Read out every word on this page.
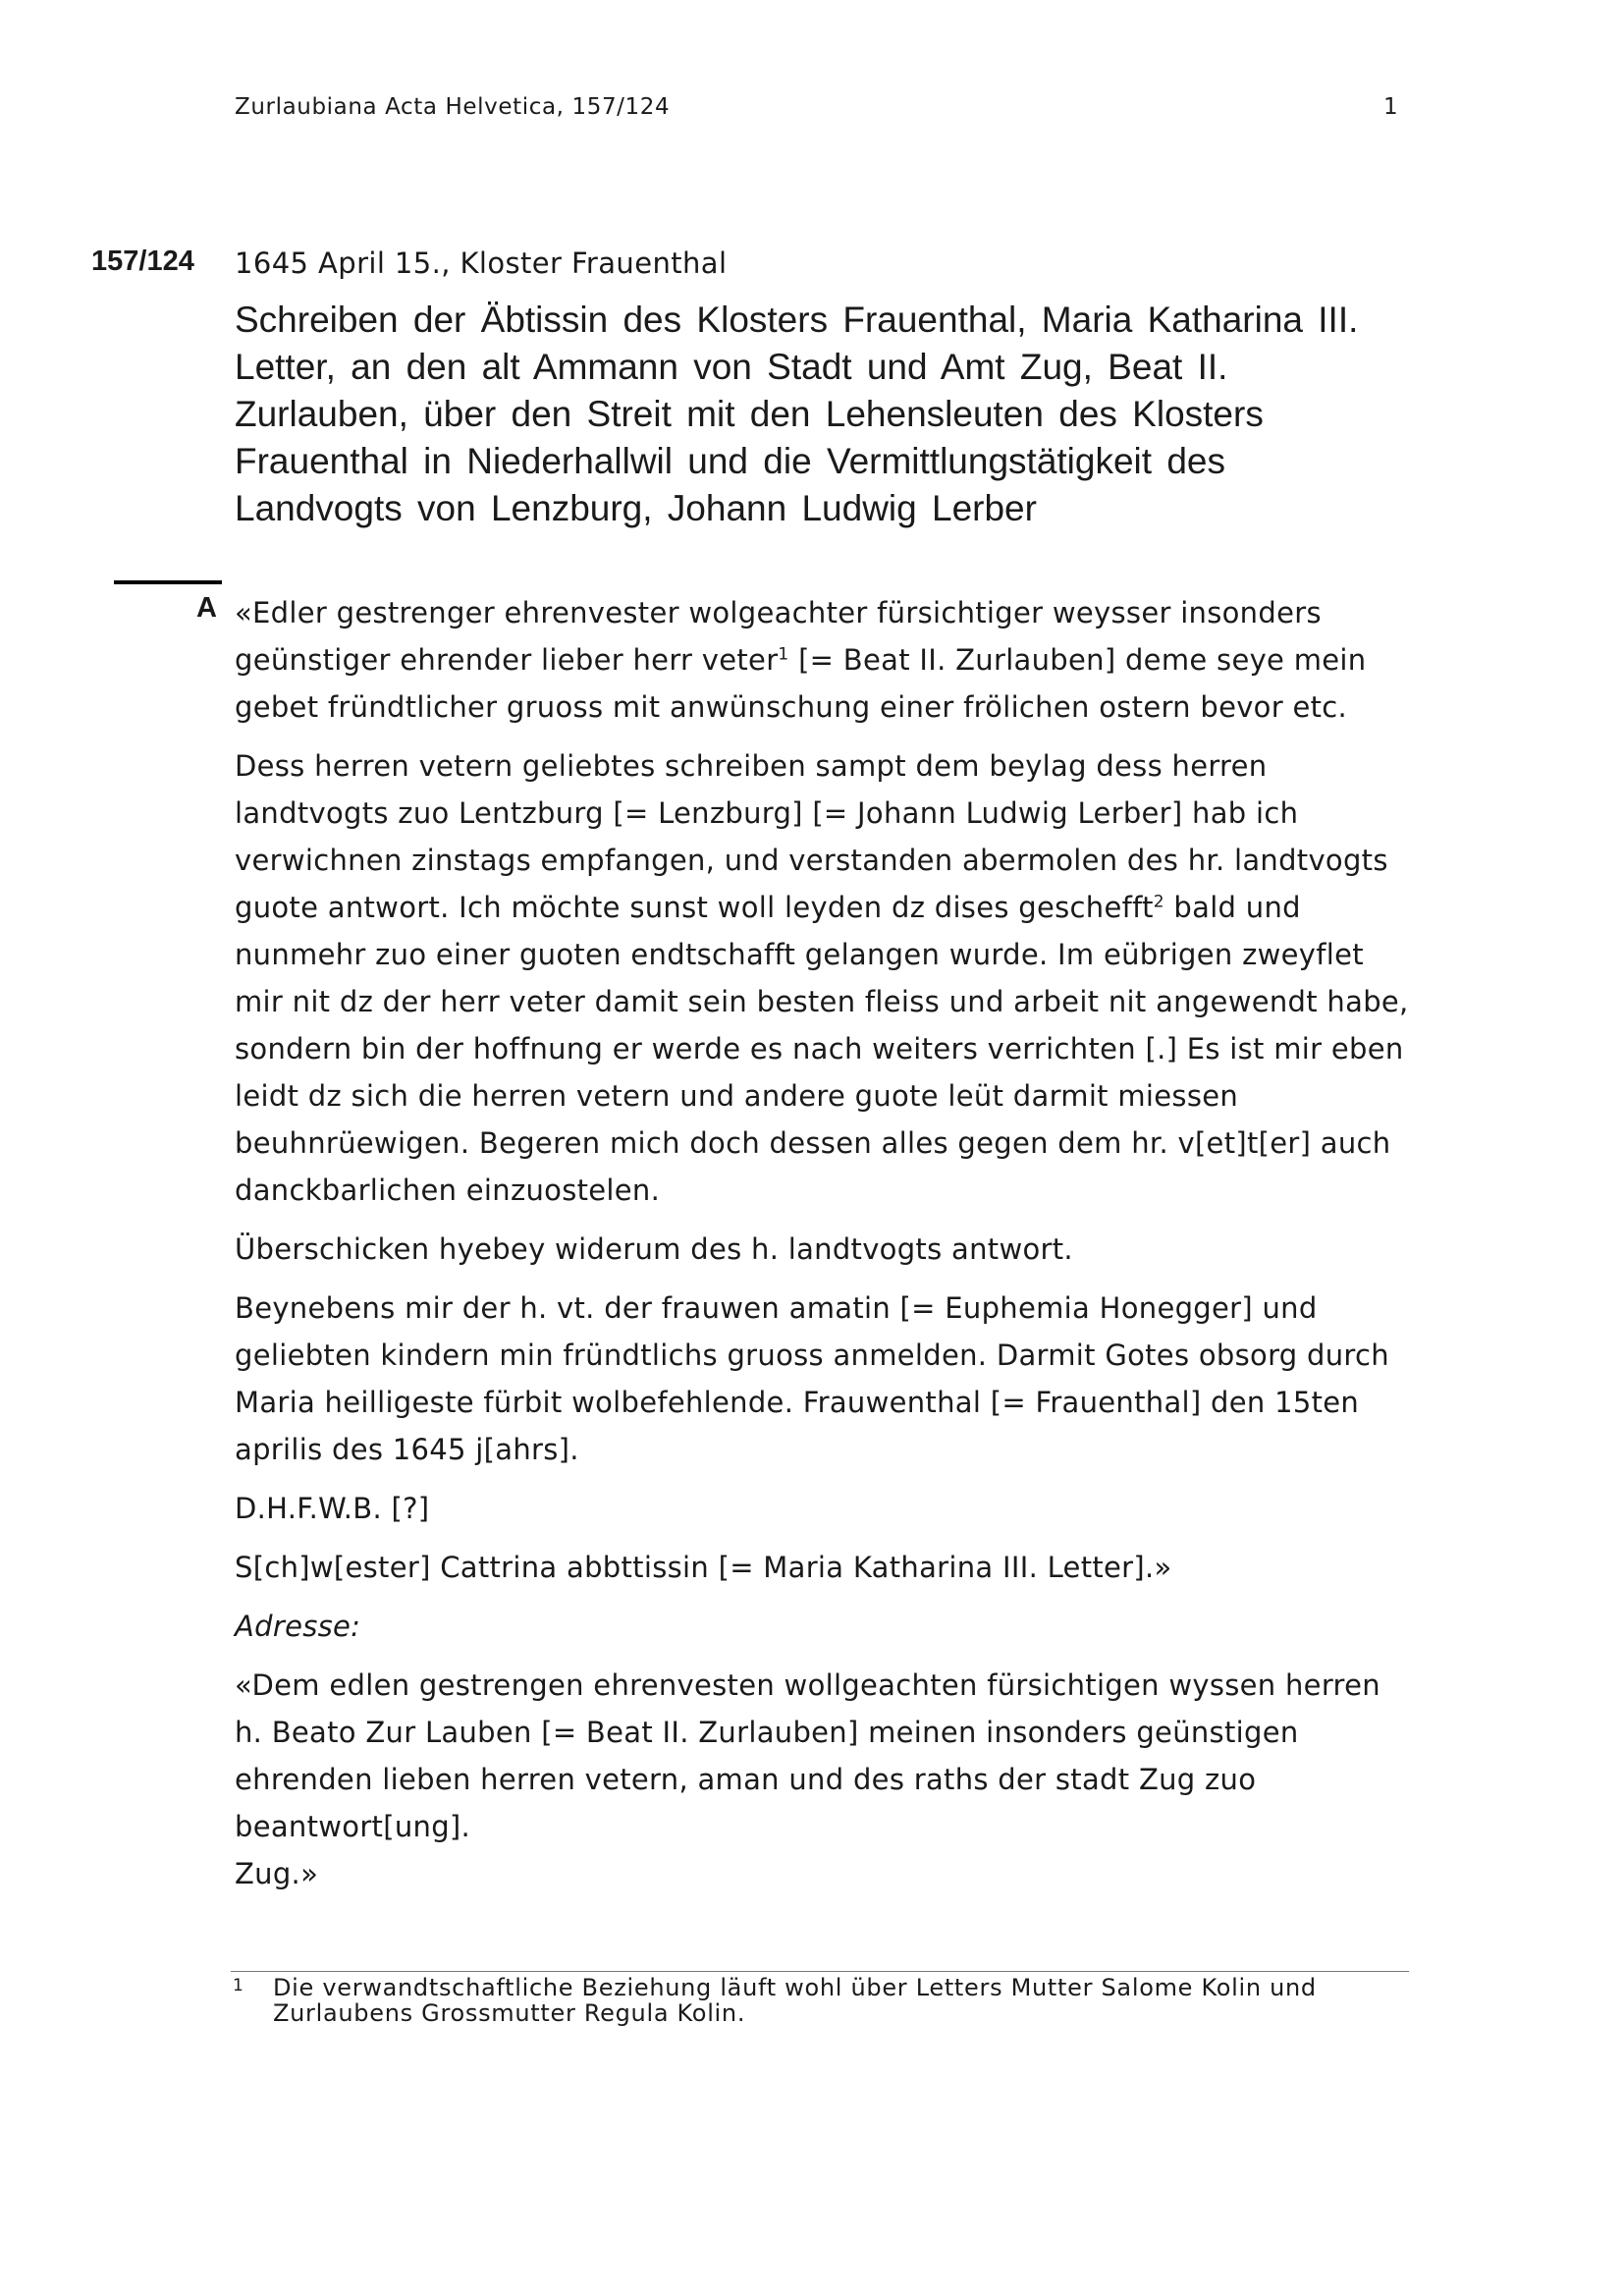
Zurlaubiana Acta Helvetica, 157/124	1
157/124 1645 April 15., Kloster Frauenthal
Schreiben der Äbtissin des Klosters Frauenthal, Maria Katharina III. Letter, an den alt Ammann von Stadt und Amt Zug, Beat II. Zurlauben, über den Streit mit den Lehensleuten des Klosters Frauenthal in Niederhallwil und die Vermittlungstätigkeit des Landvogts von Lenzburg, Johann Ludwig Lerber
A «Edler gestrenger ehrenvester wolgeachter fürsichtiger weysser insonders geünstiger ehrender lieber herr veter$^1$ [= Beat II. Zurlauben] deme seye mein gebet fründtlicher gruoss mit anwünschung einer frölichen ostern bevor etc.

Dess herren vetern geliebtes schreiben sampt dem beylag dess herren landtvogts zuo Lentzburg [= Lenzburg] [= Johann Ludwig Lerber] hab ich verwichnen zinstags empfangen, und verstanden abermolen des hr. landtvogts guote antwort. Ich möchte sunst woll leyden dz dises geschefft$^2$ bald und nunmehr zuo einer guoten endtschafft gelangen wurde. Im eübrigen zweyflet mir nit dz der herr veter damit sein besten fleiss und arbeit nit angewendt habe, sondern bin der hoffnung er werde es nach weiters verrichten [.] Es ist mir eben leidt dz sich die herren vetern und andere guote leüt darmit miessen beuhnrüewigen. Begeren mich doch dessen alles gegen dem hr. v[et]t[er] auch danckbarlichen einzuostelen.

Überschicken hyebey widerum des h. landtvogts antwort.

Beynebens mir der h. vt. der frauwen amatin [= Euphemia Honegger] und geliebten kindern min fründtlichs gruoss anmelden. Darmit Gotes obsorg durch Maria heilligeste fürbit wolbefehlende. Frauwenthal [= Frauenthal] den 15ten aprilis des 1645 j[ahrs].

D.H.F.W.B. [?]

S[ch]w[ester] Cattrina abbttissin [= Maria Katharina III. Letter].»

Adresse:

«Dem edlen gestrengen ehrenvesten wollgeachten fürsichtigen wyssen herren h. Beato Zur Lauben [= Beat II. Zurlauben] meinen insonders geünstigen ehrenden lieben herren vetern, aman und des raths der stadt Zug zuo beantwort[ung].

Zug.»

1 Die verwandtschaftliche Beziehung läuft wohl über Letters Mutter Salome Kolin und Zurlaubens Grossmutter Regula Kolin.
